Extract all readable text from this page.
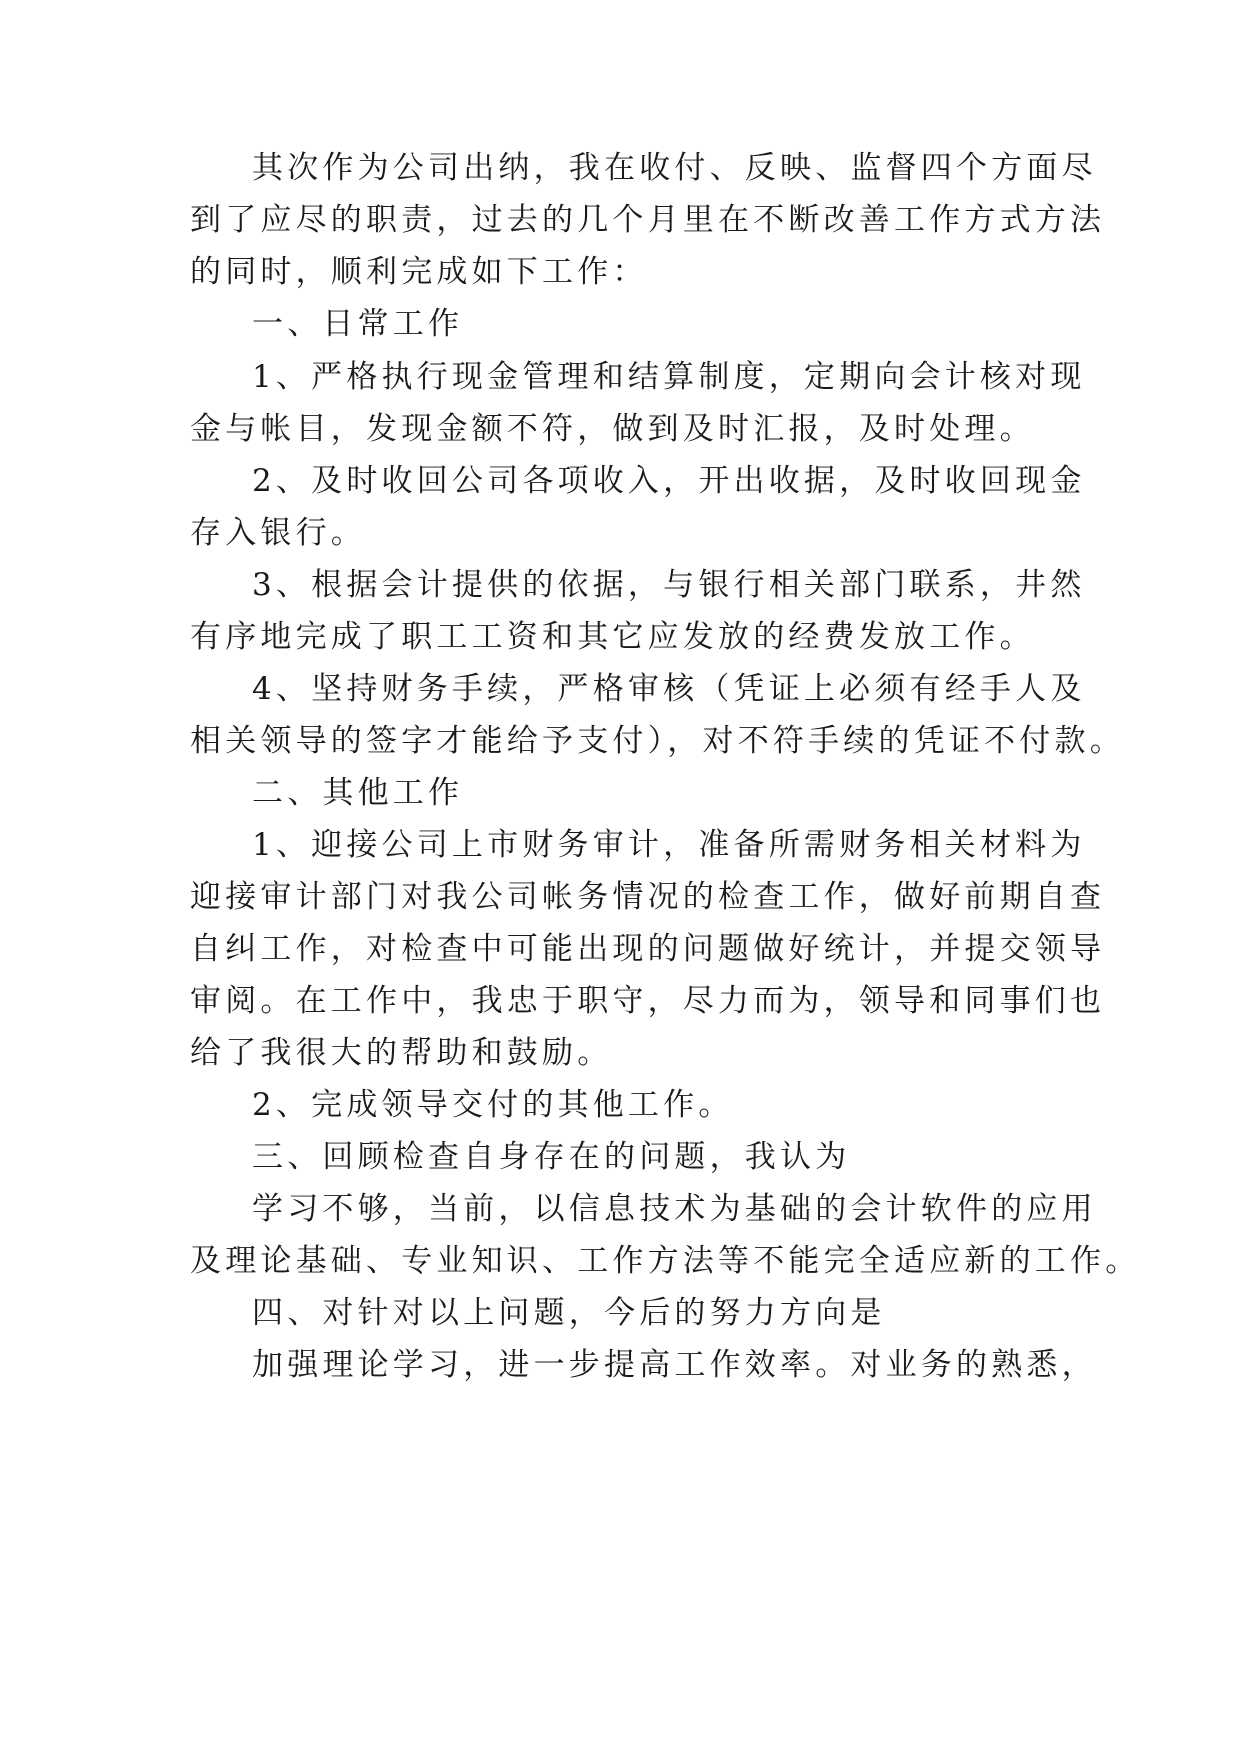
其次作为公司出纳，我在收付、反映、监督四个方面尽
到了应尽的职责，过去的几个月里在不断改善工作方式方法
的同时，顺利完成如下工作：
一、日常工作
1、严格执行现金管理和结算制度，定期向会计核对现
金与帐目，发现金额不符，做到及时汇报，及时处理。
2、及时收回公司各项收入，开出收据，及时收回现金
存入银行。
3、根据会计提供的依据，与银行相关部门联系，井然
有序地完成了职工工资和其它应发放的经费发放工作。
4、坚持财务手续，严格审核（凭证上必须有经手人及
相关领导的签字才能给予支付），对不符手续的凭证不付款。
二、其他工作
1、迎接公司上市财务审计，准备所需财务相关材料为
迎接审计部门对我公司帐务情况的检查工作，做好前期自查
自纠工作，对检查中可能出现的问题做好统计，并提交领导
审阅。在工作中，我忠于职守，尽力而为，领导和同事们也
给了我很大的帮助和鼓励。
2、完成领导交付的其他工作。
三、回顾检查自身存在的问题，我认为
学习不够，当前，以信息技术为基础的会计软件的应用
及理论基础、专业知识、工作方法等不能完全适应新的工作。
四、对针对以上问题，今后的努力方向是
加强理论学习，进一步提高工作效率。对业务的熟悉，
